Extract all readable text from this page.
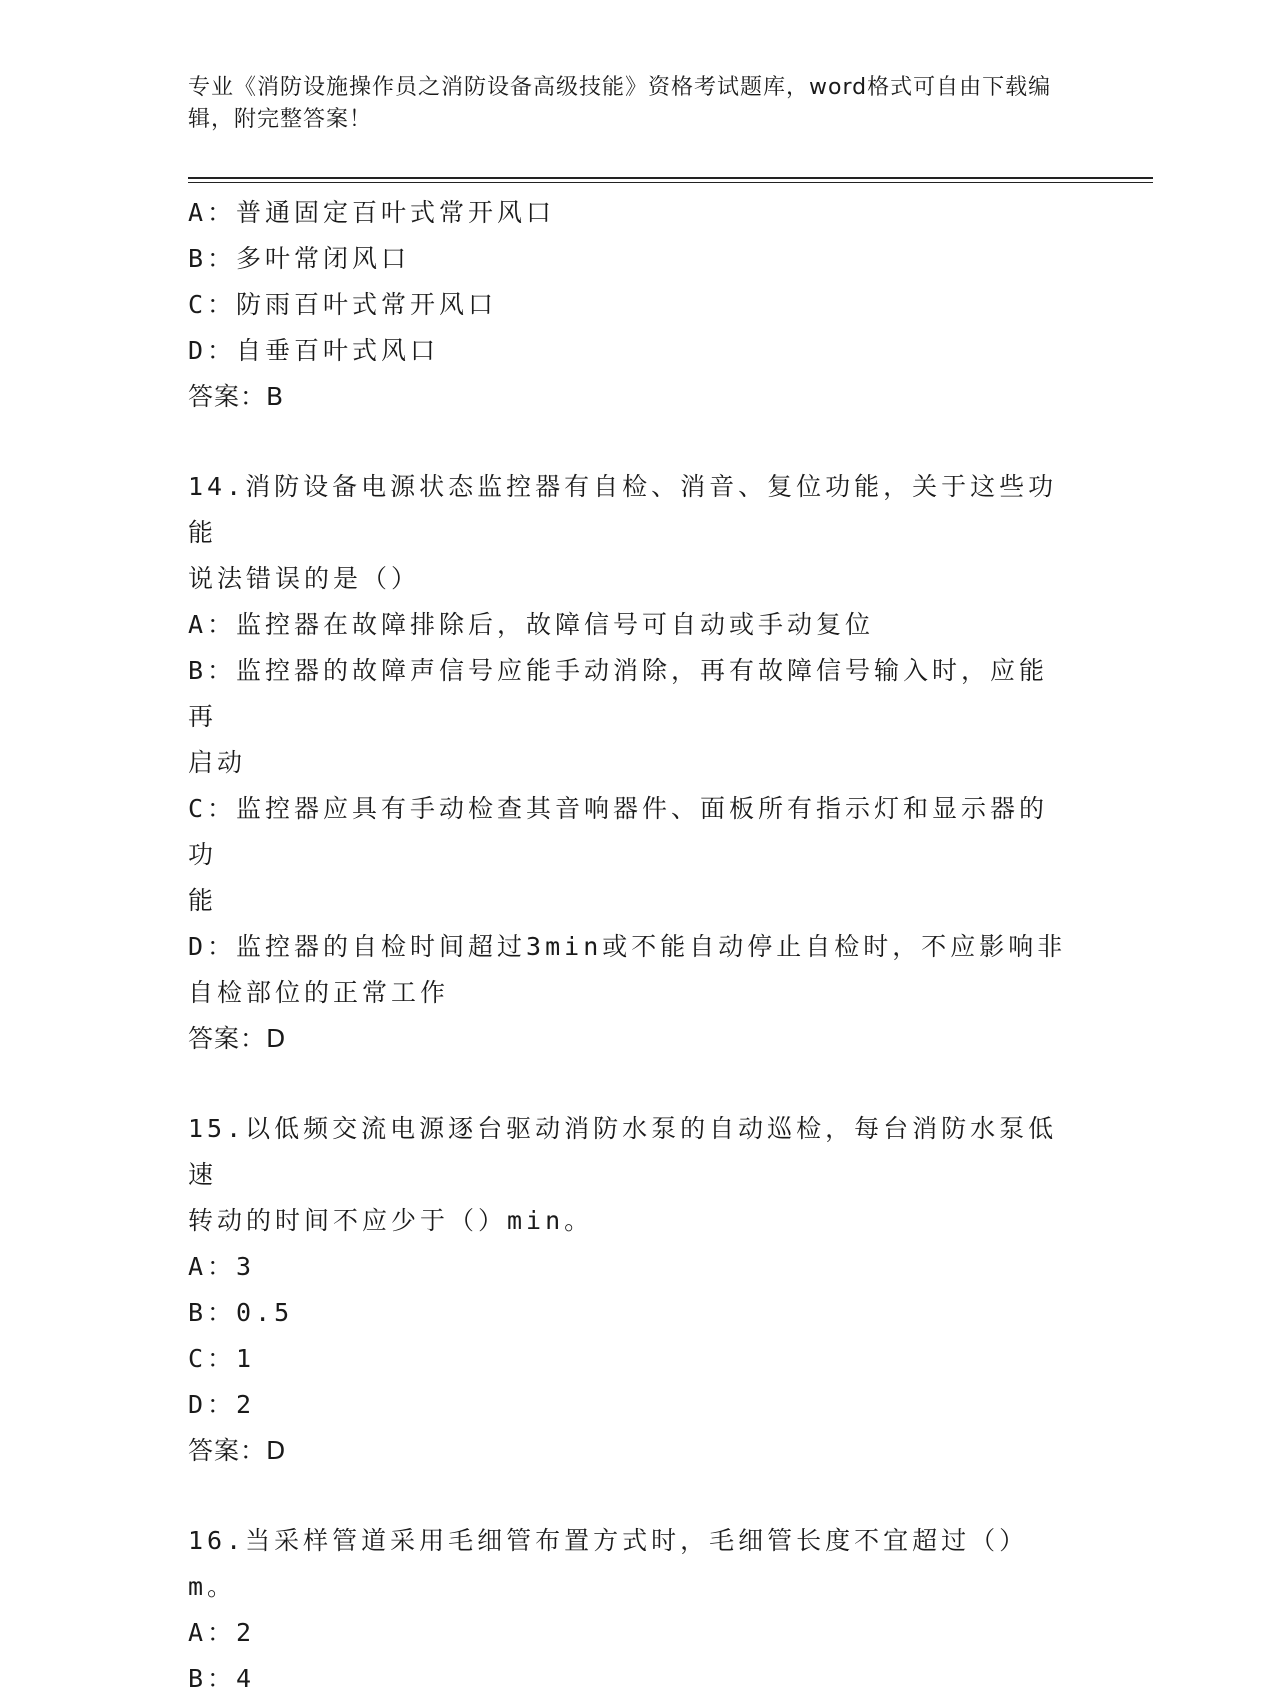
专业《消防设施操作员之消防设备高级技能》资格考试题库，word格式可自由下载编辑，附完整答案！

A：普通固定百叶式常开风口

B：多叶常闭风口

C：防雨百叶式常开风口

D：自垂百叶式风口

答案：B

14.消防设备电源状态监控器有自检、消音、复位功能，关于这些功能

说法错误的是（）

A：监控器在故障排除后，故障信号可自动或手动复位

B：监控器的故障声信号应能手动消除，再有故障信号输入时，应能再

启动

C：监控器应具有手动检查其音响器件、面板所有指示灯和显示器的功

能

D：监控器的自检时间超过3min或不能自动停止自检时，不应影响非

自检部位的正常工作

答案：D

15.以低频交流电源逐台驱动消防水泵的自动巡检，每台消防水泵低速

转动的时间不应少于（）min。

A：3

B：0.5

C：1

D：2

答案：D

16.当采样管道采用毛细管布置方式时，毛细管长度不宜超过（）m。

A：2

B：4
